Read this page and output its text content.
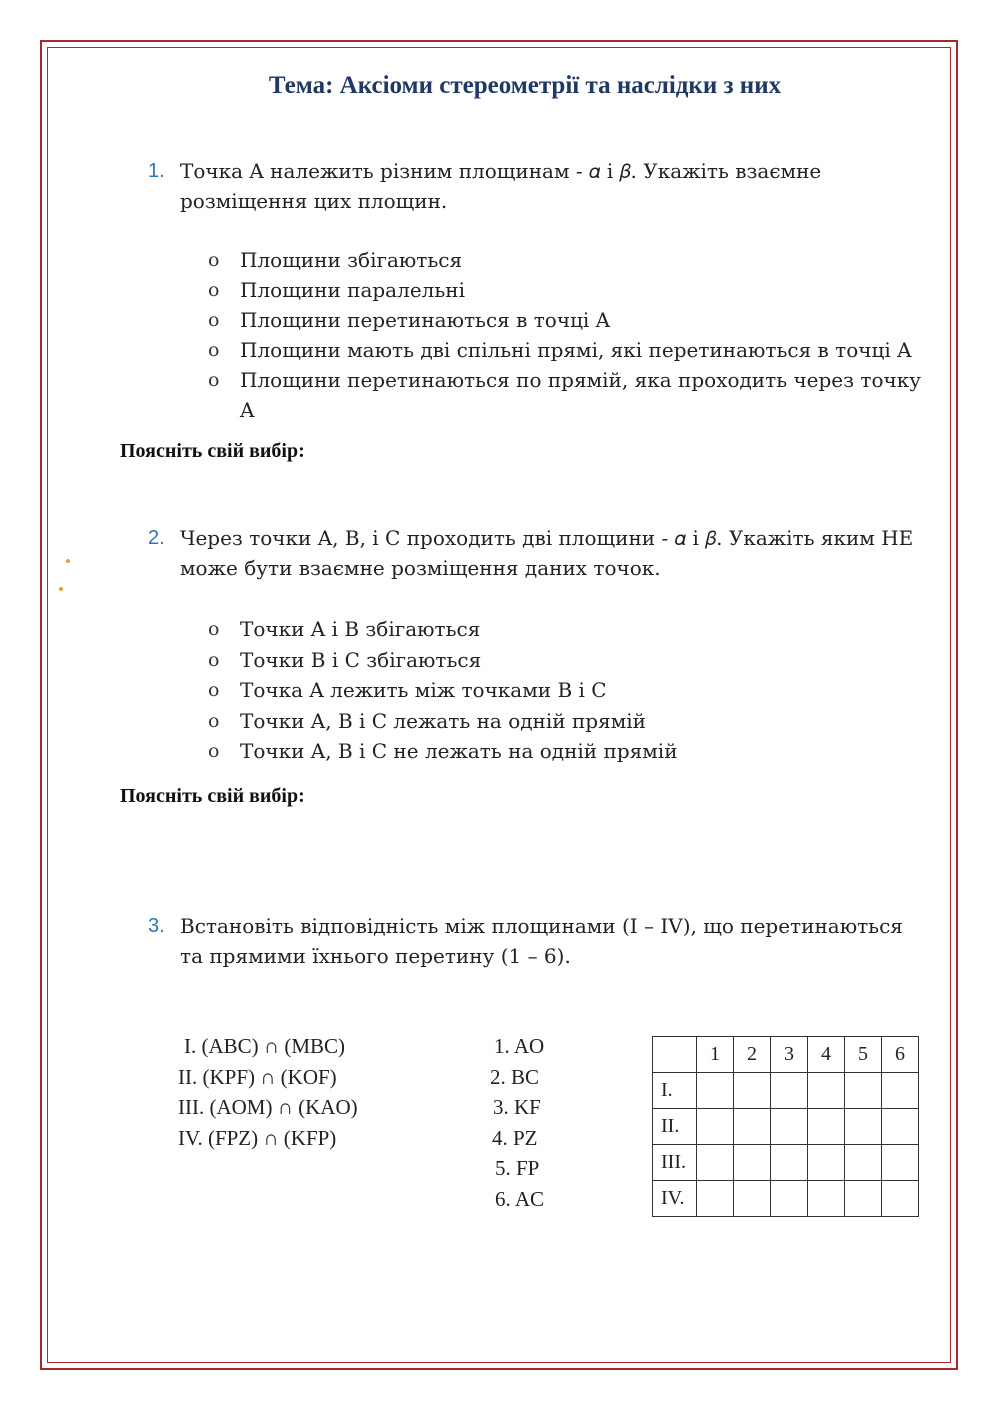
Тема: Аксіоми стереометрії та наслідки з них
1. Точка A належить різним площинам - 𝛼 і 𝛽. Укажіть взаємне розміщення цих площин.
o Площини збігаються
o Площини паралельні
o Площини перетинаються в точці A
o Площини мають дві спільні прямі, які перетинаються в точці A
o Площини перетинаються по прямій, яка проходить через точку A
Поясніть свій вибір:
2. Через точки A, B, і C проходить дві площини - 𝛼 і 𝛽. Укажіть яким НЕ може бути взаємне розміщення даних точок.
o Точки A і B збігаються
o Точки B і C збігаються
o Точка A лежить між точками B і C
o Точки A, B і C лежать на одній прямій
o Точки A, B і C не лежать на одній прямій
Поясніть свій вибір:
3. Встановіть відповідність між площинами (I – IV), що перетинаються та прямими їхнього перетину (1 – 6).
I. (ABC) ∩ (MBC)
II. (KPF) ∩ (KOF)
III. (AOM) ∩ (KAO)
IV. (FPZ) ∩ (KFP)
1. AO
2. BC
3. KF
4. PZ
5. FP
6. AC
	1	2	3	4	5	6
I.						
II.						
III.						
IV.						
